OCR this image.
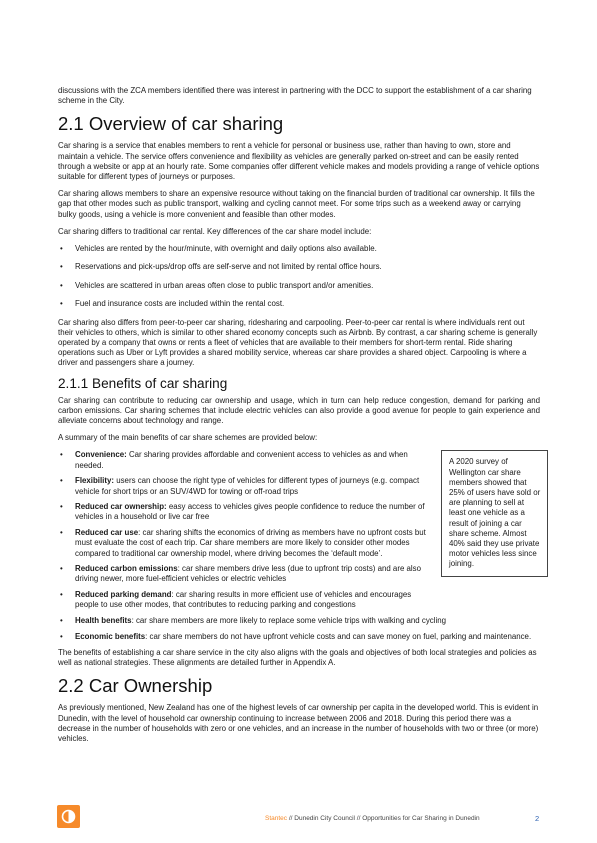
discussions with the ZCA members identified there was interest in partnering with the DCC to support the establishment of a car sharing scheme in the City.

2.1 Overview of car sharing

Car sharing is a service that enables members to rent a vehicle for personal or business use, rather than having to own, store and maintain a vehicle. The service offers convenience and flexibility as vehicles are generally parked on-street and can be easily rented through a website or app at an hourly rate. Some companies offer different vehicle makes and models providing a range of vehicle options suitable for different types of journeys or purposes.

Car sharing allows members to share an expensive resource without taking on the financial burden of traditional car ownership. It fills the gap that other modes such as public transport, walking and cycling cannot meet. For some trips such as a weekend away or carrying bulky goods, using a vehicle is more convenient and feasible than other modes.

Car sharing differs to traditional car rental. Key differences of the car share model include:

• Vehicles are rented by the hour/minute, with overnight and daily options also available.
• Reservations and pick-ups/drop offs are self-serve and not limited by rental office hours.
• Vehicles are scattered in urban areas often close to public transport and/or amenities.
• Fuel and insurance costs are included within the rental cost.

Car sharing also differs from peer-to-peer car sharing, ridesharing and carpooling. Peer-to-peer car rental is where individuals rent out their vehicles to others, which is similar to other shared economy concepts such as Airbnb. By contrast, a car sharing scheme is generally operated by a company that owns or rents a fleet of vehicles that are available to their members for short-term rental. Ride sharing operations such as Uber or Lyft provides a shared mobility service, whereas car share provides a shared object. Carpooling is where a driver and passengers share a journey.

2.1.1 Benefits of car sharing

Car sharing can contribute to reducing car ownership and usage, which in turn can help reduce congestion, demand for parking and carbon emissions. Car sharing schemes that include electric vehicles can also provide a good avenue for people to gain experience and alleviate concerns about technology and range.

A summary of the main benefits of car share schemes are provided below:

A 2020 survey of Wellington car share members showed that 25% of users have sold or are planning to sell at least one vehicle as a result of joining a car share scheme. Almost 40% said they use private motor vehicles less since joining.
• Convenience: Car sharing provides affordable and convenient access to vehicles as and when needed.
• Flexibility: users can choose the right type of vehicles for different types of journeys (e.g. compact vehicle for short trips or an SUV/4WD for towing or off-road trips
• Reduced car ownership: easy access to vehicles gives people confidence to reduce the number of vehicles in a household or live car free
• Reduced car use: car sharing shifts the economics of driving as members have no upfront costs but must evaluate the cost of each trip. Car share members are more likely to consider other modes compared to traditional car ownership model, where driving becomes the ‘default mode’.
• Reduced carbon emissions: car share members drive less (due to upfront trip costs) and are also driving newer, more fuel-efficient vehicles or electric vehicles
• Reduced parking demand: car sharing results in more efficient use of vehicles and encourages people to use other modes, that contributes to reducing parking and congestions
• Health benefits: car share members are more likely to replace some vehicle trips with walking and cycling
• Economic benefits: car share members do not have upfront vehicle costs and can save money on fuel, parking and maintenance.

The benefits of establishing a car share service in the city also aligns with the goals and objectives of both local strategies and policies as well as national strategies. These alignments are detailed further in Appendix A.

2.2 Car Ownership

As previously mentioned, New Zealand has one of the highest levels of car ownership per capita in the developed world. This is evident in Dunedin, with the level of household car ownership continuing to increase between 2006 and 2018. During this period there was a decrease in the number of households with zero or one vehicles, and an increase in the number of households with two or three (or more) vehicles.

Stantec // Dunedin City Council // Opportunities for Car Sharing in Dunedin	2
